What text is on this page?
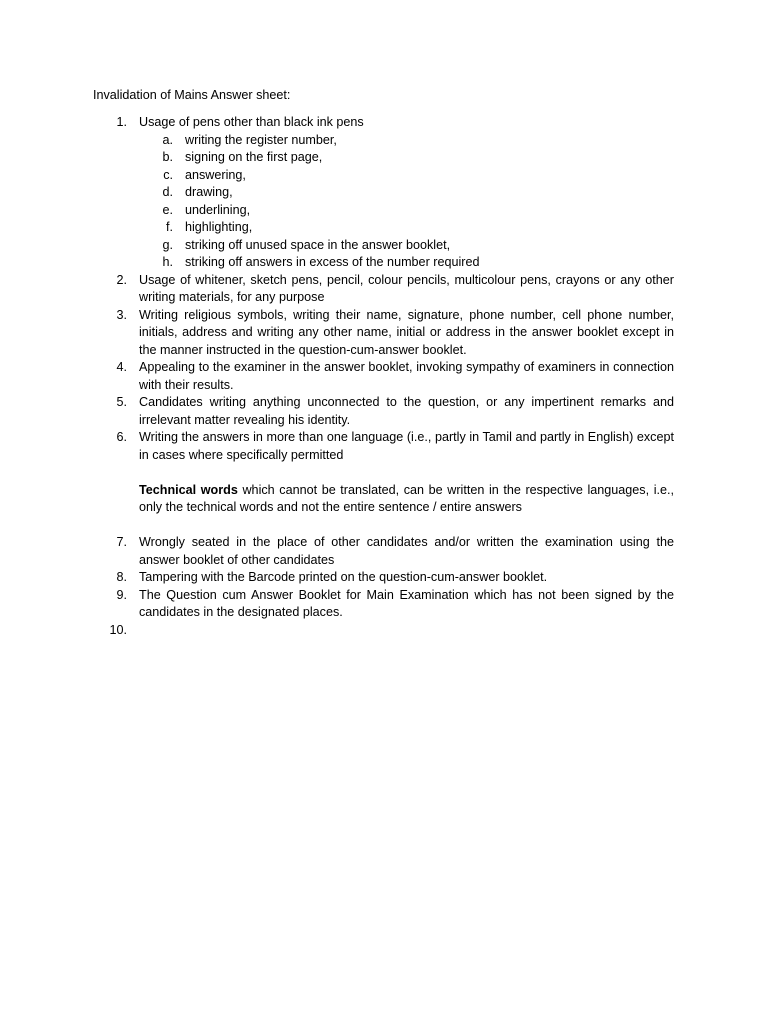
Invalidation of Mains Answer sheet:
1. Usage of pens other than black ink pens
a. writing the register number,
b. signing on the first page,
c. answering,
d. drawing,
e. underlining,
f. highlighting,
g. striking off unused space in the answer booklet,
h. striking off answers in excess of the number required
2. Usage of whitener, sketch pens, pencil, colour pencils, multicolour pens, crayons or any other writing materials, for any purpose
3. Writing religious symbols, writing their name, signature, phone number, cell phone number, initials, address and writing any other name, initial or address in the answer booklet except in the manner instructed in the question-cum-answer booklet.
4. Appealing to the examiner in the answer booklet, invoking sympathy of examiners in connection with their results.
5. Candidates writing anything unconnected to the question, or any impertinent remarks and irrelevant matter revealing his identity.
6. Writing the answers in more than one language (i.e., partly in Tamil and partly in English) except in cases where specifically permitted
Technical words which cannot be translated, can be written in the respective languages, i.e., only the technical words and not the entire sentence / entire answers
7. Wrongly seated in the place of other candidates and/or written the examination using the answer booklet of other candidates
8. Tampering with the Barcode printed on the question-cum-answer booklet.
9. The Question cum Answer Booklet for Main Examination which has not been signed by the candidates in the designated places.
10.
